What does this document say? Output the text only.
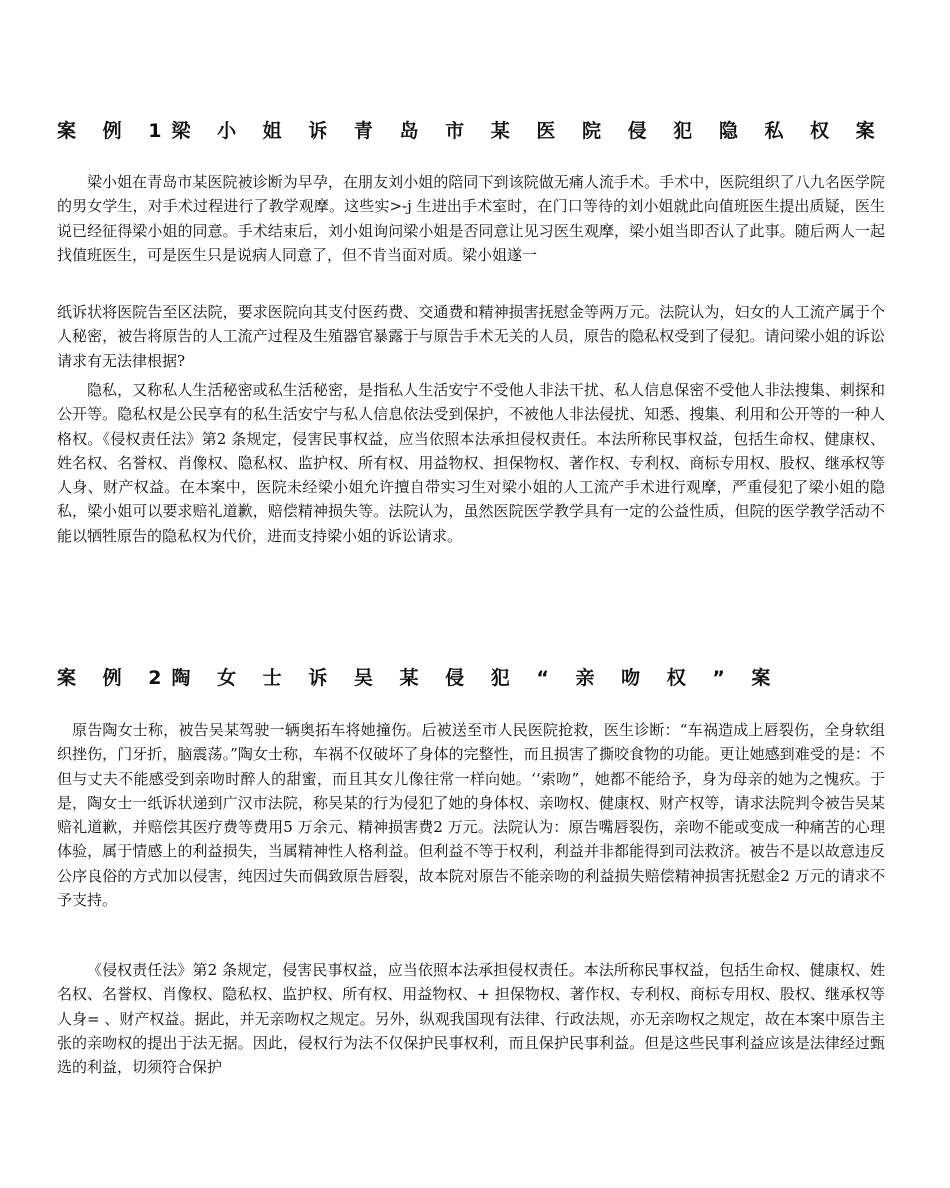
案 例 1梁 小 姐 诉 青 岛 市 某 医 院 侵 犯 隐 私 权 案

梁小姐在青岛市某医院被诊断为早孕，在朋友刘小姐的陪同下到该院做无痛人流手术。手术中，医院组织了八九名医学院的男女学生，对手术过程进行了教学观摩。这些实>-j 生进出手术室时，在门口等待的刘小姐就此向值班医生提出质疑，医生说已经征得梁小姐的同意。手术结束后，刘小姐询问梁小姐是否同意让见习医生观摩，梁小姐当即否认了此事。随后两人一起找值班医生，可是医生只是说病人同意了，但不肯当面对质。梁小姐遂一

纸诉状将医院告至区法院，要求医院向其支付医药费、交通费和精神损害抚慰金等两万元。法院认为，妇女的人工流产属于个人秘密，被告将原告的人工流产过程及生殖器官暴露于与原告手术无关的人员，原告的隐私权受到了侵犯。请问梁小姐的诉讼请求有无法律根据?

隐私，又称私人生活秘密或私生活秘密，是指私人生活安宁不受他人非法干扰、私人信息保密不受他人非法搜集、刺探和公开等。隐私权是公民享有的私生活安宁与私人信息依法受到保护，不被他人非法侵扰、知悉、搜集、利用和公开等的一种人格权。《侵权责任法》第2 条规定，侵害民事权益，应当依照本法承担侵权责任。本法所称民事权益，包括生命权、健康权、姓名权、名誉权、肖像权、隐私权、监护权、所有权、用益物权、担保物权、著作权、专利权、商标专用权、股权、继承权等人身、财产权益。在本案中，医院未经梁小姐允许擅自带实习生对梁小姐的人工流产手术进行观摩，严重侵犯了梁小姐的隐私，梁小姐可以要求赔礼道歉，赔偿精神损失等。法院认为，虽然医院医学教学具有一定的公益性质，但院的医学教学活动不能以牺牲原告的隐私权为代价，进而支持梁小姐的诉讼请求。

案 例 2陶 女 士 诉 吴 某 侵 犯 “ 亲 吻 权 ” 案

原告陶女士称，被告吴某驾驶一辆奥拓车将她撞伤。后被送至市人民医院抢救，医生诊断：“车祸造成上唇裂伤，全身软组织挫伤，门牙折，脑震荡。”陶女士称，车祸不仅破坏了身体的完整性，而且损害了撕咬食物的功能。更让她感到难受的是：不但与丈夫不能感受到亲吻时醉人的甜蜜，而且其女儿像往常一样向她。‘‘索吻”，她都不能给予，身为母亲的她为之愧疚。于是，陶女士一纸诉状递到广汉市法院，称吴某的行为侵犯了她的身体权、亲吻权、健康权、财产权等，请求法院判令被告吴某赔礼道歉，并赔偿其医疗费等费用5 万余元、精神损害费2 万元。法院认为：原告嘴唇裂伤，亲吻不能或变成一种痛苦的心理体验，属于情感上的利益损失，当属精神性人格利益。但利益不等于权利，利益并非都能得到司法救济。被告不是以故意违反公序良俗的方式加以侵害，纯因过失而偶致原告唇裂，故本院对原告不能亲吻的利益损失赔偿精神损害抚慰金2 万元的请求不予支持。

《侵权责任法》第2 条规定，侵害民事权益，应当依照本法承担侵权责任。本法所称民事权益，包括生命权、健康权、姓名权、名誉权、肖像权、隐私权、监护权、所有权、用益物权、+ 担保物权、著作权、专利权、商标专用权、股权、继承权等人身= 、财产权益。据此，并无亲吻权之规定。另外，纵观我国现有法律、行政法规，亦无亲吻权之规定，故在本案中原告主张的亲吻权的提出于法无据。因此，侵权行为法不仅保护民事权利，而且保护民事利益。但是这些民事利益应该是法律经过甄选的利益，切须符合保护
